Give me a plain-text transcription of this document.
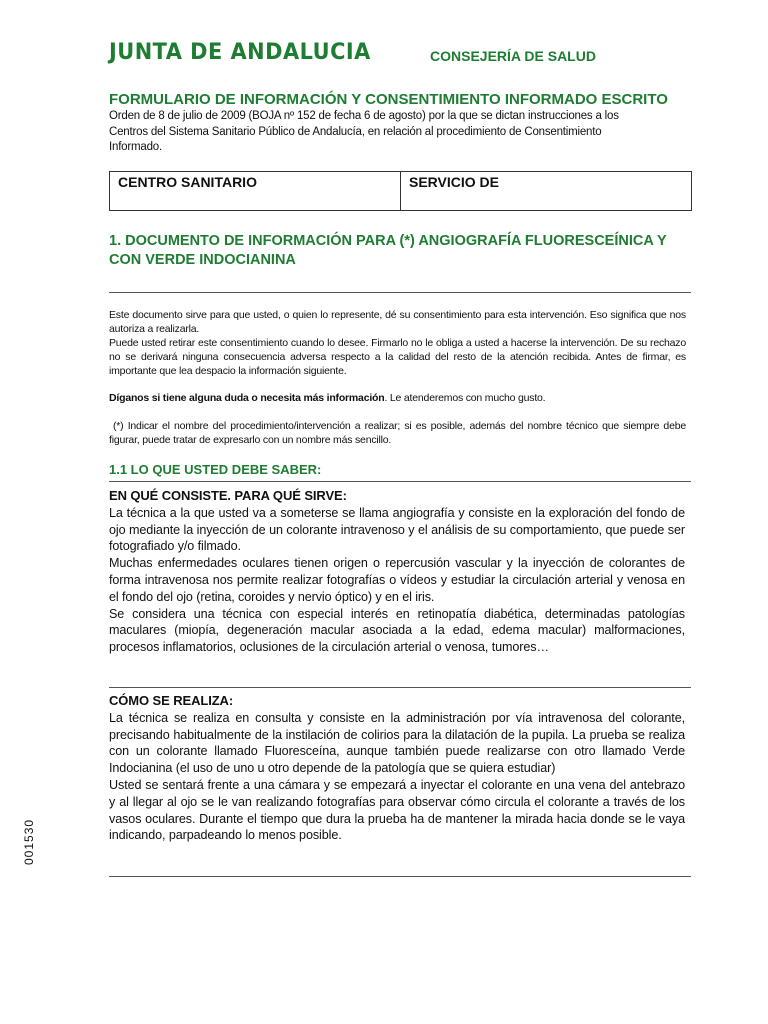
JUNTA DE ANDALUCIA	CONSEJERÍA DE SALUD
FORMULARIO DE INFORMACIÓN Y CONSENTIMIENTO INFORMADO ESCRITO
Orden de 8 de julio de 2009 (BOJA nº 152 de fecha 6 de agosto) por la que se dictan instrucciones a los Centros del Sistema Sanitario Público de Andalucía, en relación al procedimiento de Consentimiento Informado.
CENTRO SANITARIO	SERVICIO DE
1. DOCUMENTO DE INFORMACIÓN PARA (*) ANGIOGRAFÍA FLUORESCEÍNICA Y CON VERDE INDOCIANINA

Este documento sirve para que usted, o quien lo represente, dé su consentimiento para esta intervención. Eso significa que nos autoriza a realizarla.

Puede usted retirar este consentimiento cuando lo desee. Firmarlo no le obliga a usted a hacerse la intervención. De su rechazo no se derivará ninguna consecuencia adversa respecto a la calidad del resto de la atención recibida. Antes de firmar, es importante que lea despacio la información siguiente.

Díganos si tiene alguna duda o necesita más información. Le atenderemos con mucho gusto.
(*) Indicar el nombre del procedimiento/intervención a realizar; si es posible, además del nombre técnico que siempre debe figurar, puede tratar de expresarlo con un nombre más sencillo.
1.1 LO QUE USTED DEBE SABER:
EN QUÉ CONSISTE. PARA QUÉ SIRVE:

La técnica a la que usted va a someterse se llama angiografía y consiste en la exploración del fondo de ojo mediante la inyección de un colorante intravenoso y el análisis de su comportamiento, que puede ser fotografiado y/o filmado.

Muchas enfermedades oculares tienen origen o repercusión vascular y la inyección de colorantes de forma intravenosa nos permite realizar fotografías o vídeos y estudiar la circulación arterial y venosa en el fondo del ojo (retina, coroides y nervio óptico) y en el iris.

Se considera una técnica con especial interés en retinopatía diabética, determinadas patologías maculares (miopía, degeneración macular asociada a la edad, edema macular) malformaciones, procesos inflamatorios, oclusiones de la circulación arterial o venosa, tumores…

CÓMO SE REALIZA:

La técnica se realiza en consulta y consiste en la administración por vía intravenosa del colorante, precisando habitualmente de la instilación de colirios para la dilatación de la pupila. La prueba se realiza con un colorante llamado Fluoresceína, aunque también puede realizarse con otro llamado Verde Indocianina (el uso de uno u otro depende de la patología que se quiera estudiar)

Usted se sentará frente a una cámara y se empezará a inyectar el colorante en una vena del antebrazo y al llegar al ojo se le van realizando fotografías para observar cómo circula el colorante a través de los vasos oculares. Durante el tiempo que dura la prueba ha de mantener la mirada hacia donde se le vaya indicando, parpadeando lo menos posible.

001530
